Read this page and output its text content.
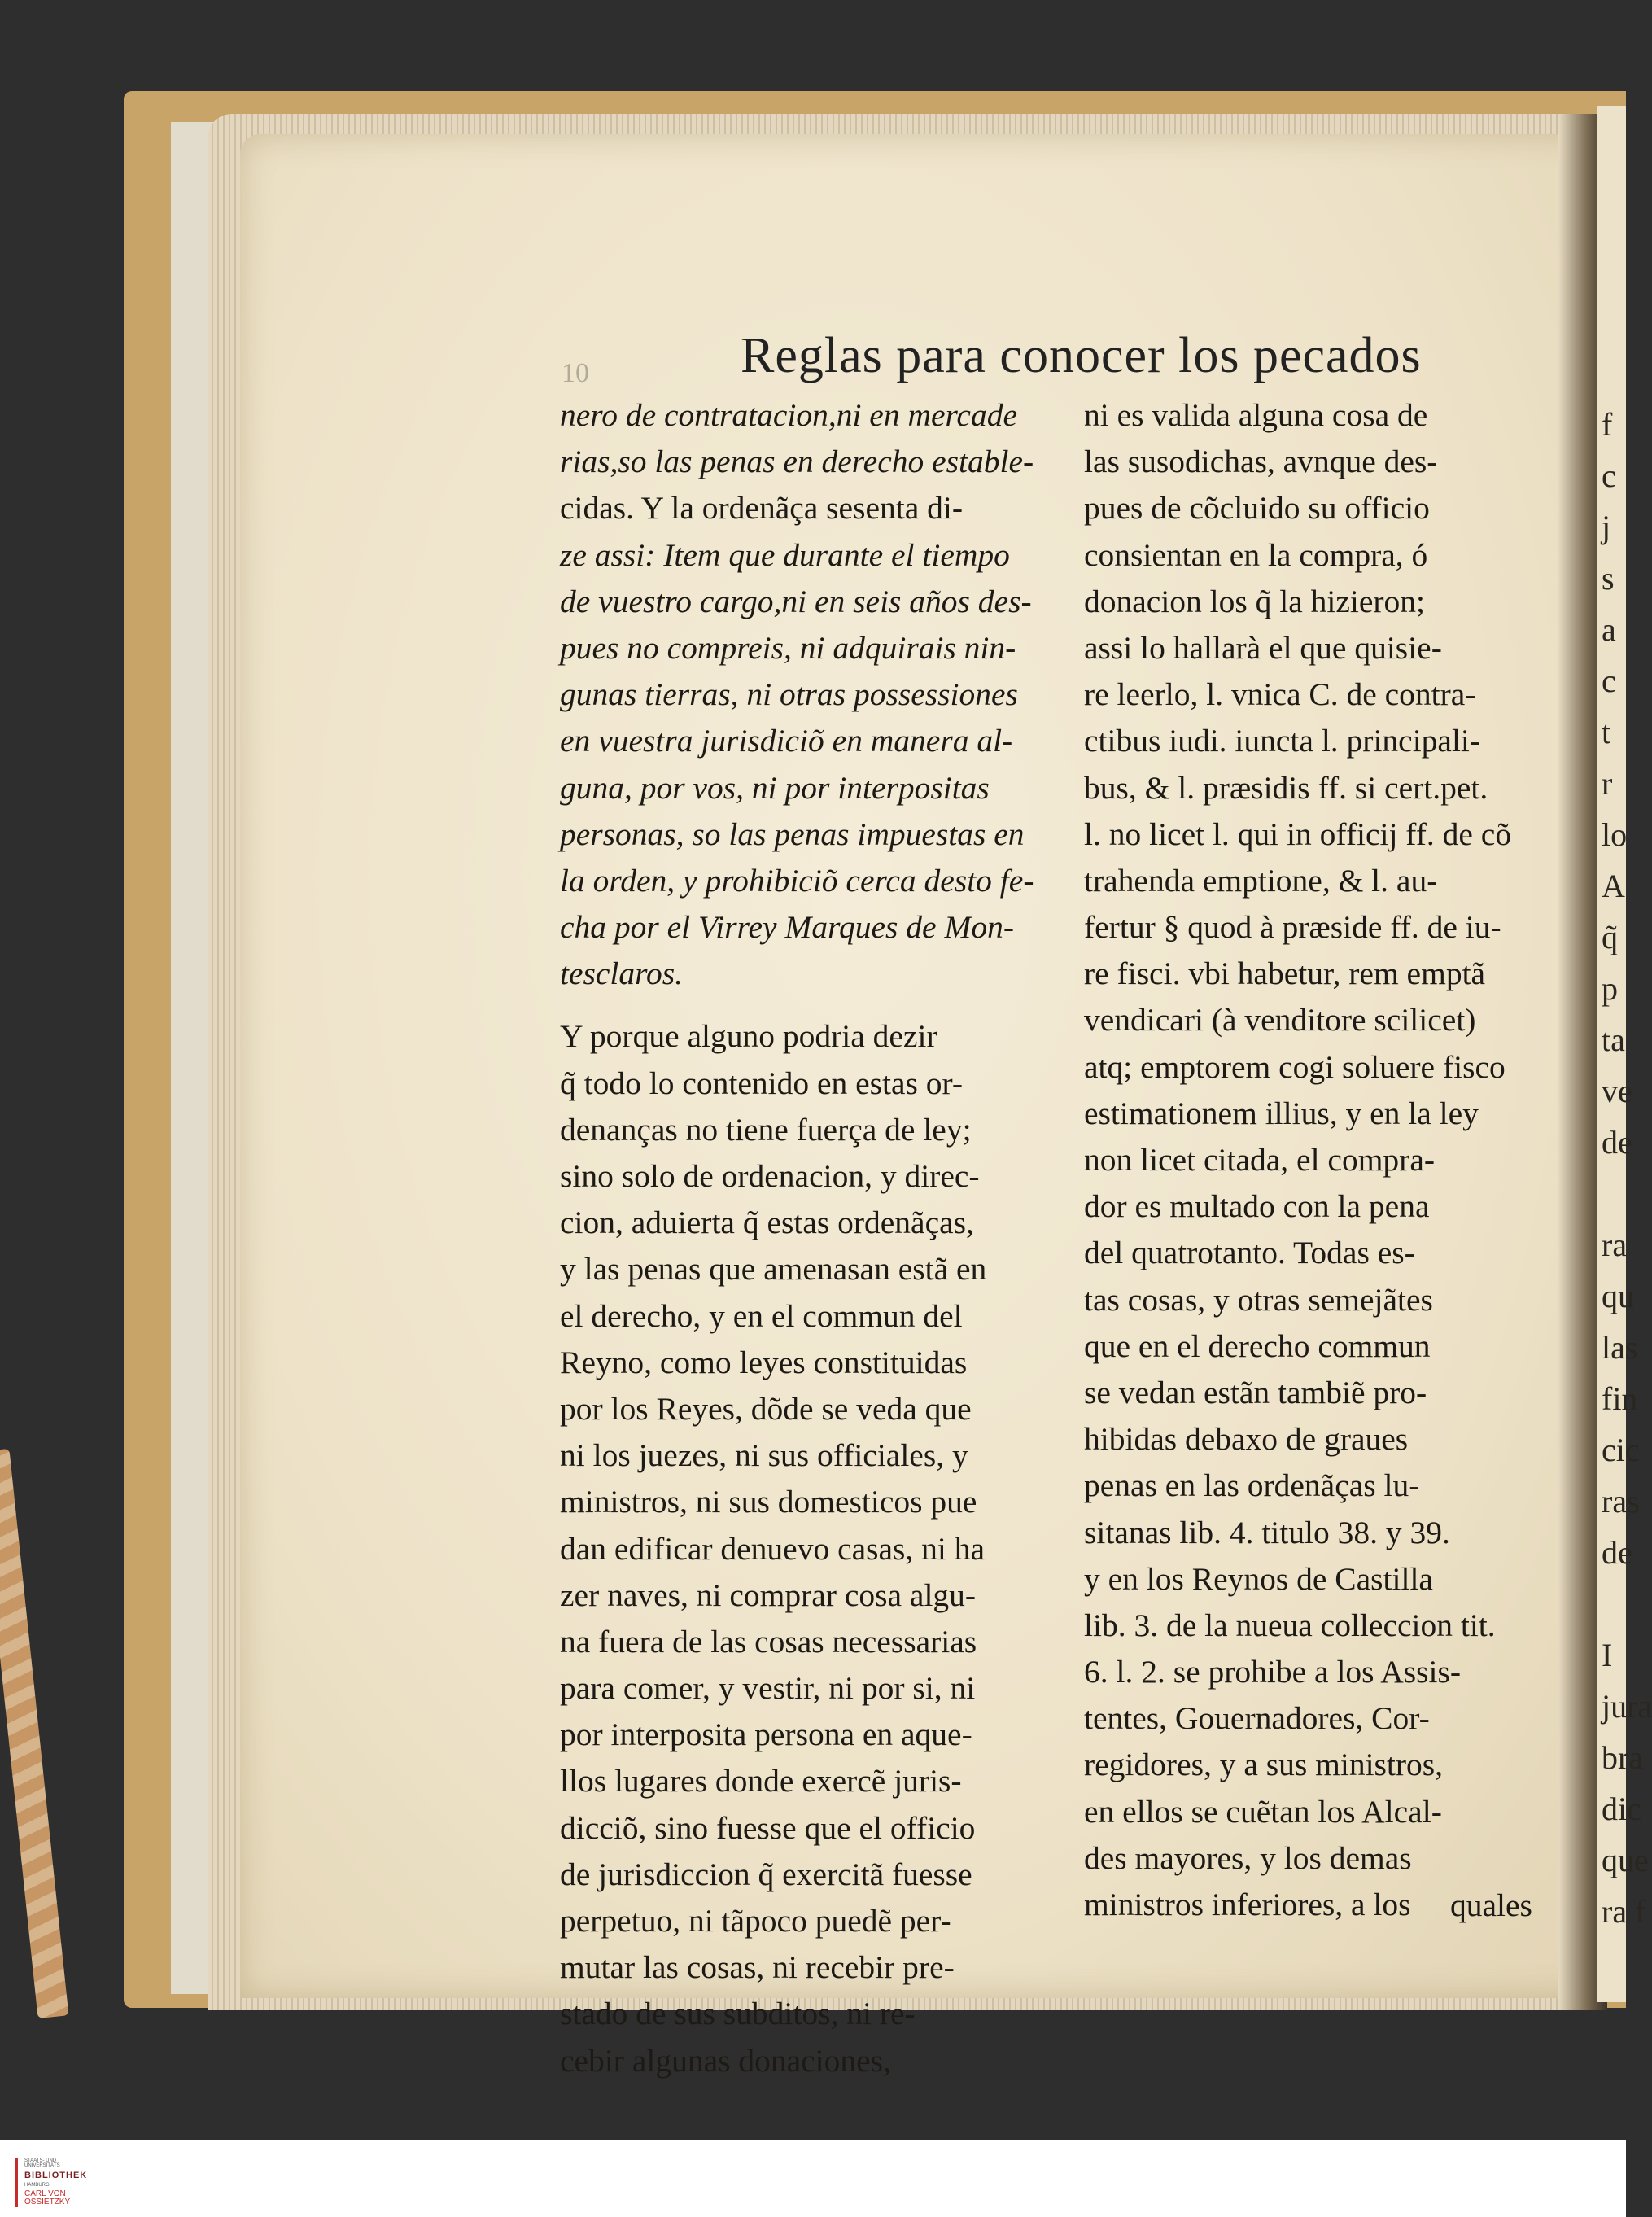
10	Reglas para conocer los pecados
nero de contratacion,ni en mercade
rias,so las penas en derecho estable-
cidas. Y la ordenãça sesenta di-
ze assi: Item que durante el tiempo
de vuestro cargo,ni en seis años des-
pues no compreis, ni adquirais nin-
gunas tierras, ni otras possessiones
en vuestra jurisdiciõ en manera al-
guna, por vos, ni por interpositas
personas, so las penas impuestas en
la orden, y prohibiciõ cerca desto fe-
cha por el Virrey Marques de Mon-
tesclaros.
Y porque alguno podria dezir
q̃ todo lo contenido en estas or-
denanças no tiene fuerça de ley;
sino solo de ordenacion, y direc-
cion, aduierta q̃ estas ordenãças,
y las penas que amenasan estã en
el derecho, y en el commun del
Reyno, como leyes constituidas
por los Reyes, dõde se veda que
ni los juezes, ni sus officiales, y
ministros, ni sus domesticos pue
dan edificar denuevo casas, ni ha
zer naves, ni comprar cosa algu-
na fuera de las cosas necessarias
para comer, y vestir, ni por si, ni
por interposita persona en aque-
llos lugares donde exercẽ juris-
dicciõ, sino fuesse que el officio
de jurisdiccion q̃ exercitã fuesse
perpetuo, ni tãpoco puedẽ per-
mutar las cosas, ni recebir pre-
stado de sus subditos, ni re-
cebir algunas donaciones,
ni es valida alguna cosa de
las susodichas, avnque des-
pues de cõcluido su officio
consientan en la compra, ó
donacion los q̃ la hizieron;
assi lo hallarà el que quisie-
re leerlo, l. vnica C. de contra-
ctibus iudi. iuncta l. principali-
bus, & l. præsidis ff. si cert.pet.
l. no licet l. qui in officij ff. de cõ
trahenda emptione, & l. au-
fertur § quod à præside ff. de iu-
re fisci. vbi habetur, rem emptã
vendicari (à venditore scilicet)
atq; emptorem cogi soluere fisco
estimationem illius, y en la ley
non licet citada, el compra-
dor es multado con la pena
del quatrotanto. Todas es-
tas cosas, y otras semejãtes
que en el derecho commun
se vedan estãn tambiẽ pro-
hibidas debaxo de graues
penas en las ordenãças lu-
sitanas lib. 4. titulo 38. y 39.
y en los Reynos de Castilla
lib. 3. de la nueua colleccion tit.
6. l. 2. se prohibe a los Assis-
tentes, Gouernadores, Cor-
regidores, y a sus ministros,
en ellos se cuẽtan los Alcal-
des mayores, y los demas
ministros inferiores, a los	quales
f
c
j
s
a
c
t
r
lo
A
q̃
p
ta
ve
de
ra
qu
las
fin
cic
ras
de
I
jura
bra
dic
que
ra f
STAATS- UND UNIVERSITÄTS
BIBLIOTHEK
HAMBURG
CARL VON OSSIETZKY
